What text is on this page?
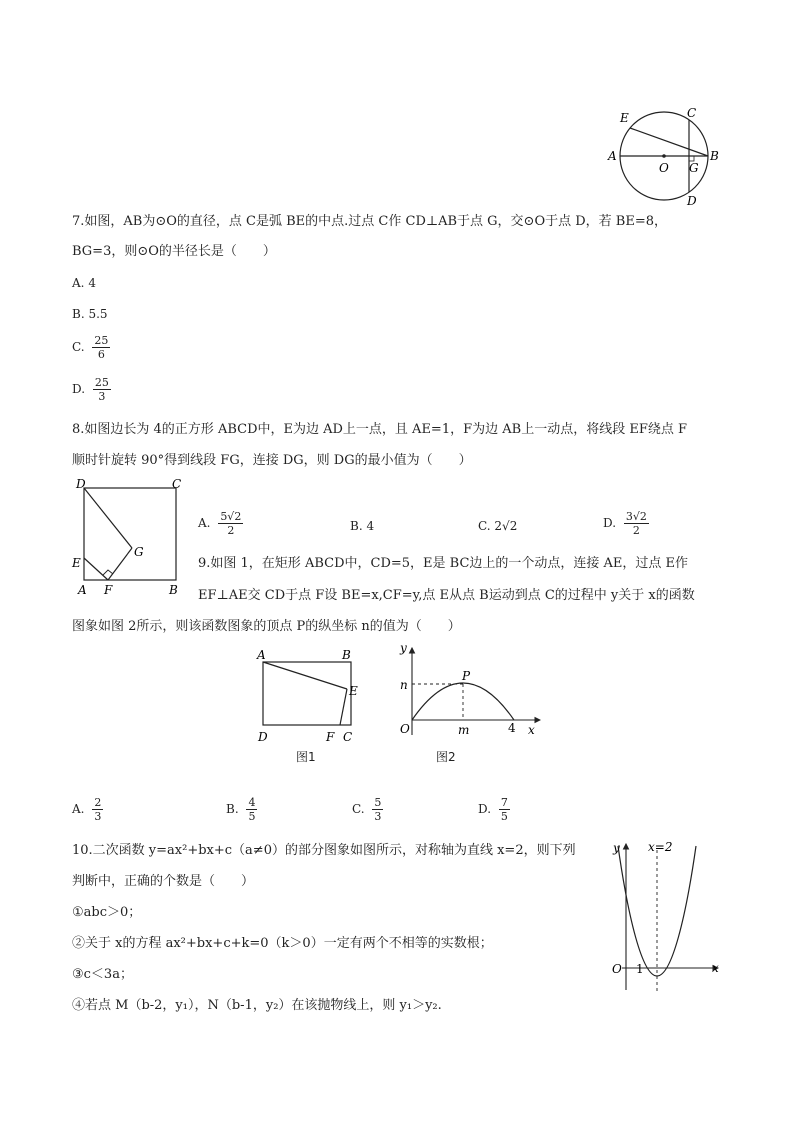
E	C
A
O G
B
D
7.如图，AB为⊙O的直径，点 C是弧 BE的中点.过点 C作 CD⊥AB于点 G，交⊙O于点 D，若 BE=8，
BG=3，则⊙O的半径长是（　　）
A. 4
B. 5.5
C. $\frac{25}{6}$
D. $\frac{25}{3}$
8.如图边长为 4的正方形 ABCD中，E为边 AD上一点，且 AE=1，F为边 AB上一动点，将线段 EF绕点 F
顺时针旋转 90°得到线段 FG，连接 DG，则 DG的最小值为（　　）
D	C
G
E
A F	B
A. $\frac{5√2}{2}$	B. 4	C. 2√2	D. $\frac{3√2}{2}$
9.如图 1，在矩形 ABCD中，CD=5，E是 BC边上的一个动点，连接 AE，过点 E作
EF⊥AE交 CD于点 F设 BE=x,CF=y,点 E从点 B运动到点 C的过程中 y关于 x的函数
图象如图 2所示，则该函数图象的顶点 P的纵坐标 n的值为（　　）
A	B
E
D	F C
图1
y
P
n
O	m	4 x
图2
A. $\frac{2}{3}$	B. $\frac{4}{5}$	C. $\frac{5}{3}$	D. $\frac{7}{5}$
10.二次函数 y=ax²+bx+c（a≠0）的部分图象如图所示，对称轴为直线 x=2，则下列
判断中，正确的个数是（　　）
①abc＞0；
②关于 x的方程 ax²+bx+c+k=0（k＞0）一定有两个不相等的实数根；
③c＜3a；
④若点 M（b-2，y₁），N（b-1，y₂）在该抛物线上，则 y₁＞y₂.
y x=2
O 1	x
